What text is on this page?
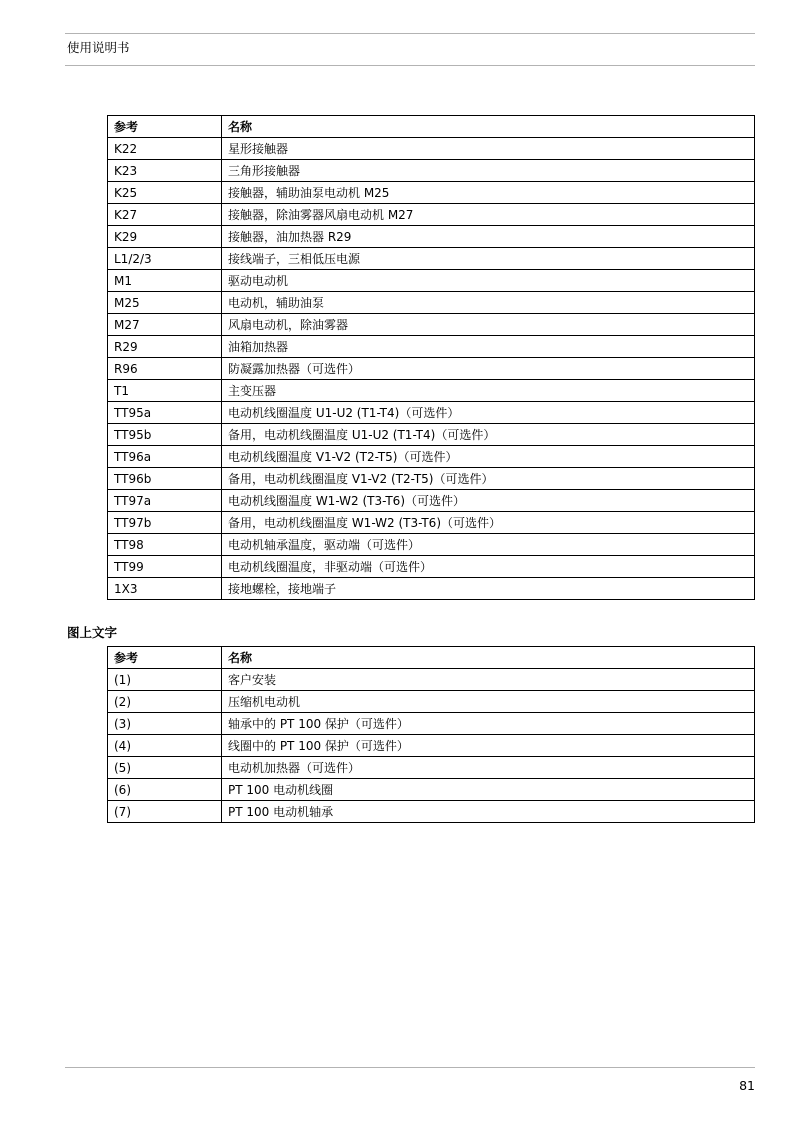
使用说明书
参考	名称
K22	星形接触器
K23	三角形接触器
K25	接触器，辅助油泵电动机 M25
K27	接触器，除油雾器风扇电动机 M27
K29	接触器，油加热器 R29
L1/2/3	接线端子，三相低压电源
M1	驱动电动机
M25	电动机，辅助油泵
M27	风扇电动机，除油雾器
R29	油箱加热器
R96	防凝露加热器（可选件）
T1	主变压器
TT95a	电动机线圈温度 U1-U2 (T1-T4)（可选件）
TT95b	备用，电动机线圈温度 U1-U2 (T1-T4)（可选件）
TT96a	电动机线圈温度 V1-V2 (T2-T5)（可选件）
TT96b	备用，电动机线圈温度 V1-V2 (T2-T5)（可选件）
TT97a	电动机线圈温度 W1-W2 (T3-T6)（可选件）
TT97b	备用，电动机线圈温度 W1-W2 (T3-T6)（可选件）
TT98	电动机轴承温度，驱动端（可选件）
TT99	电动机线圈温度，非驱动端（可选件）
1X3	接地螺栓，接地端子
图上文字
参考	名称
(1)	客户安装
(2)	压缩机电动机
(3)	轴承中的 PT 100 保护（可选件）
(4)	线圈中的 PT 100 保护（可选件）
(5)	电动机加热器（可选件）
(6)	PT 100 电动机线圈
(7)	PT 100 电动机轴承
81
